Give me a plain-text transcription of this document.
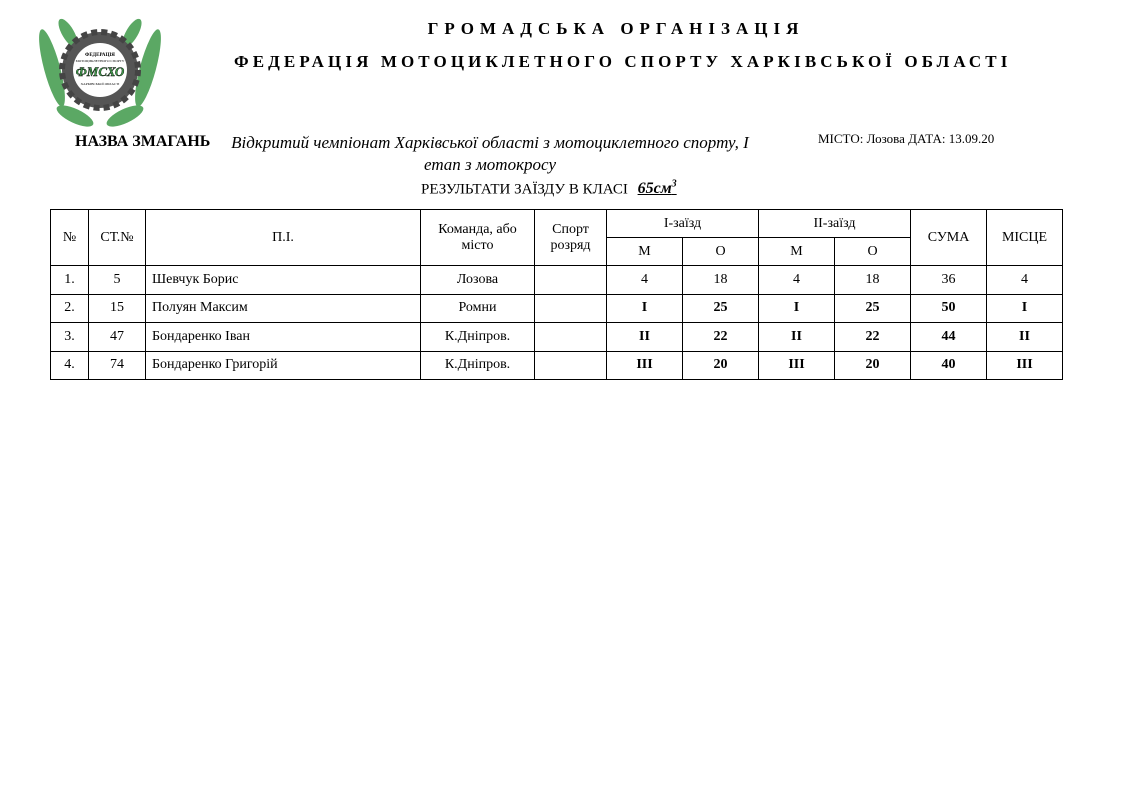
ФЕДЕРАЦІЯ
МОТОЦИКЛЕТНОГО СПОРТУ
ФМСХО
ХАРКІВСЬКОЇ ОБЛАСТІ
ГРОМАДСЬКА ОРГАНІЗАЦІЯ
ФЕДЕРАЦІЯ МОТОЦИКЛЕТНОГО СПОРТУ ХАРКІВСЬКОЇ ОБЛАСТІ
НАЗВА ЗМАГАНЬ Відкритий чемпіонат Харківської області з мотоциклетного спорту, І етап з мотокросу
МІСТО: Лозова ДАТА: 13.09.20
РЕЗУЛЬТАТИ ЗАЇЗДУ В КЛАСІ $65см^3$
№	СТ.№	П.І.	Команда, або місто	Спорт розряд	І-заїзд		ІІ-заїзд		СУМА	МІСЦЕ
					М	О	М	О		
1.	5	Шевчук Борис	Лозова		4	18	4	18	36	4
2.	15	Полуян Максим	Ромни		І	25	І	25	50	І
3.	47	Бондаренко Іван	К.Дніпров.		ІІ	22	ІІ	22	44	ІІ
4.	74	Бондаренко Григорій	К.Дніпров.		ІІІ	20	ІІІ	20	40	ІІІ
